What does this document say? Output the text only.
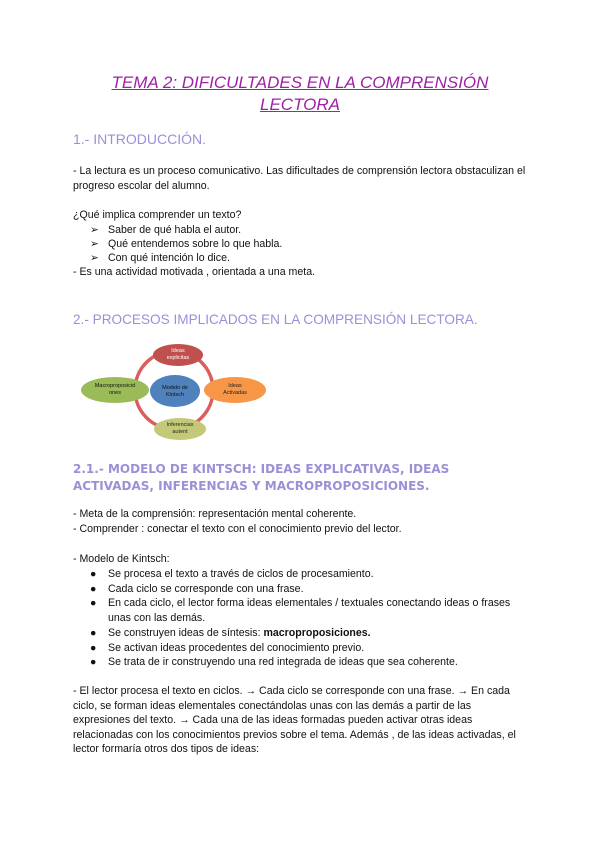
TEMA 2: DIFICULTADES EN LA COMPRENSIÓN
LECTORA
1.- INTRODUCCIÓN.
- La lectura es un proceso comunicativo. Las dificultades de comprensión lectora obstaculizan el progreso escolar del alumno.
¿Qué implica comprender un texto?
➢ Saber de qué habla el autor.
➢ Qué entendemos sobre lo que habla.
➢ Con qué intención lo dice.
- Es una actividad motivada , orientada a una meta.
2.- PROCESOS IMPLICADOS EN LA COMPRENSIÓN LECTORA.
Ideas
explicitas
Ideas
Activadas
Inferencias
autent
Macroproposicid
ones
Modelo de
Kintsch
2.1.- MODELO DE KINTSCH: IDEAS EXPLICATIVAS, IDEAS ACTIVADAS, INFERENCIAS Y MACROPROPOSICIONES.
- Meta de la comprensión: representación mental coherente.
- Comprender : conectar el texto con el conocimiento previo del lector.
- Modelo de Kintsch:
● Se procesa el texto a través de ciclos de procesamiento.
● Cada ciclo se corresponde con una frase.
● En cada ciclo, el lector forma ideas elementales / textuales conectando ideas o frases unas con las demás.
● Se construyen ideas de síntesis: macroproposiciones.
● Se activan ideas procedentes del conocimiento previo.
● Se trata de ir construyendo una red integrada de ideas que sea coherente.
- El lector procesa el texto en ciclos. → Cada ciclo se corresponde con una frase. → En cada ciclo, se forman ideas elementales conectándolas unas con las demás a partir de las expresiones del texto. → Cada una de las ideas formadas pueden activar otras ideas relacionadas con los conocimientos previos sobre el tema. Además , de las ideas activadas, el lector formaría otros dos tipos de ideas:
